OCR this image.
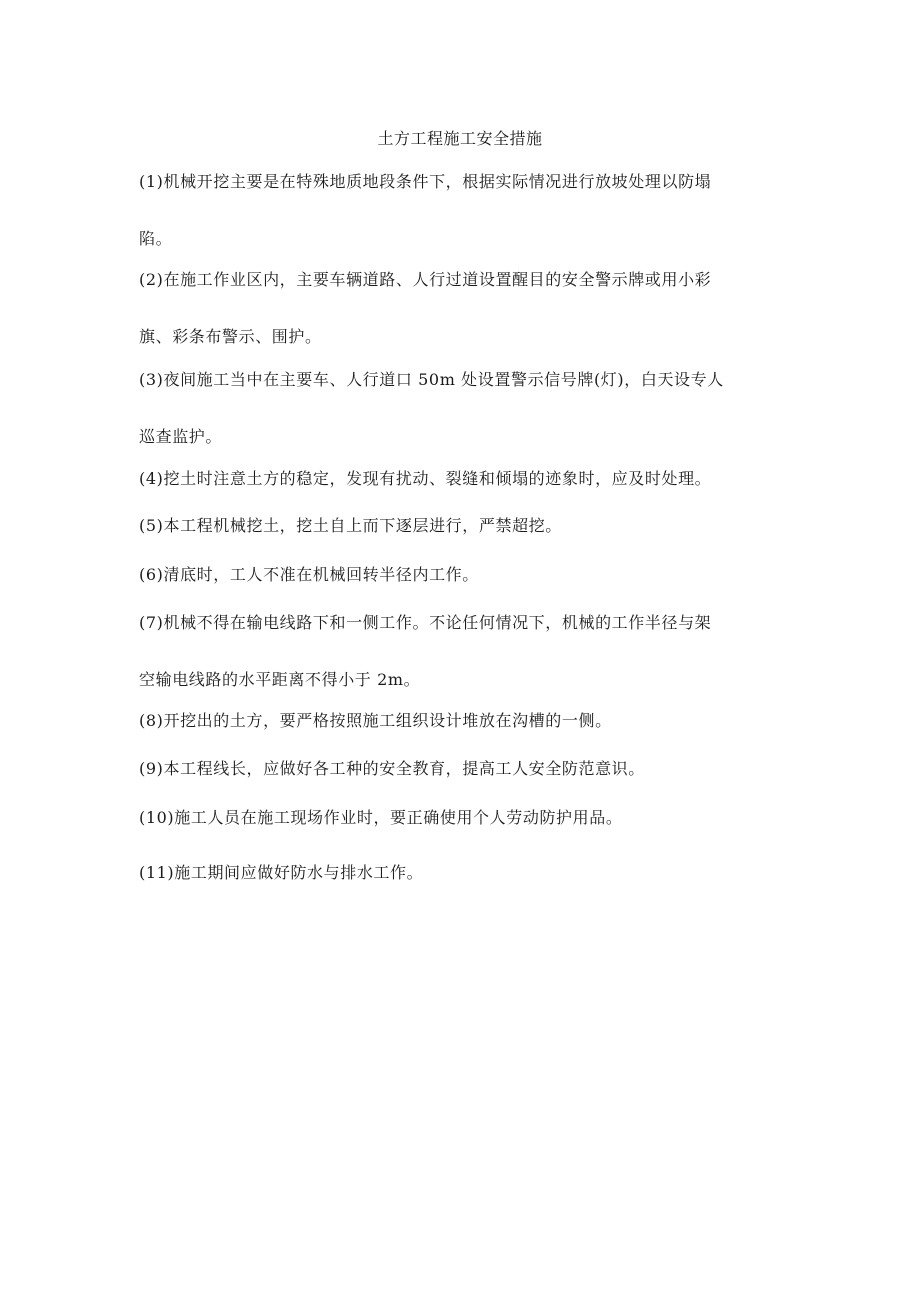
土方工程施工安全措施

(1)机械开挖主要是在特殊地质地段条件下，根据实际情况进行放坡处理以防塌
陷。

(2)在施工作业区内，主要车辆道路、人行过道设置醒目的安全警示牌或用小彩
旗、彩条布警示、围护。

(3)夜间施工当中在主要车、人行道口 50m 处设置警示信号牌(灯)，白天设专人
巡查监护。

(4)挖土时注意土方的稳定，发现有扰动、裂缝和倾塌的迹象时，应及时处理。

(5)本工程机械挖土，挖土自上而下逐层进行，严禁超挖。

(6)清底时，工人不准在机械回转半径内工作。

(7)机械不得在输电线路下和一侧工作。不论任何情况下，机械的工作半径与架
空输电线路的水平距离不得小于 2m。

(8)开挖出的土方，要严格按照施工组织设计堆放在沟槽的一侧。

(9)本工程线长，应做好各工种的安全教育，提高工人安全防范意识。

(10)施工人员在施工现场作业时，要正确使用个人劳动防护用品。

(11)施工期间应做好防水与排水工作。
